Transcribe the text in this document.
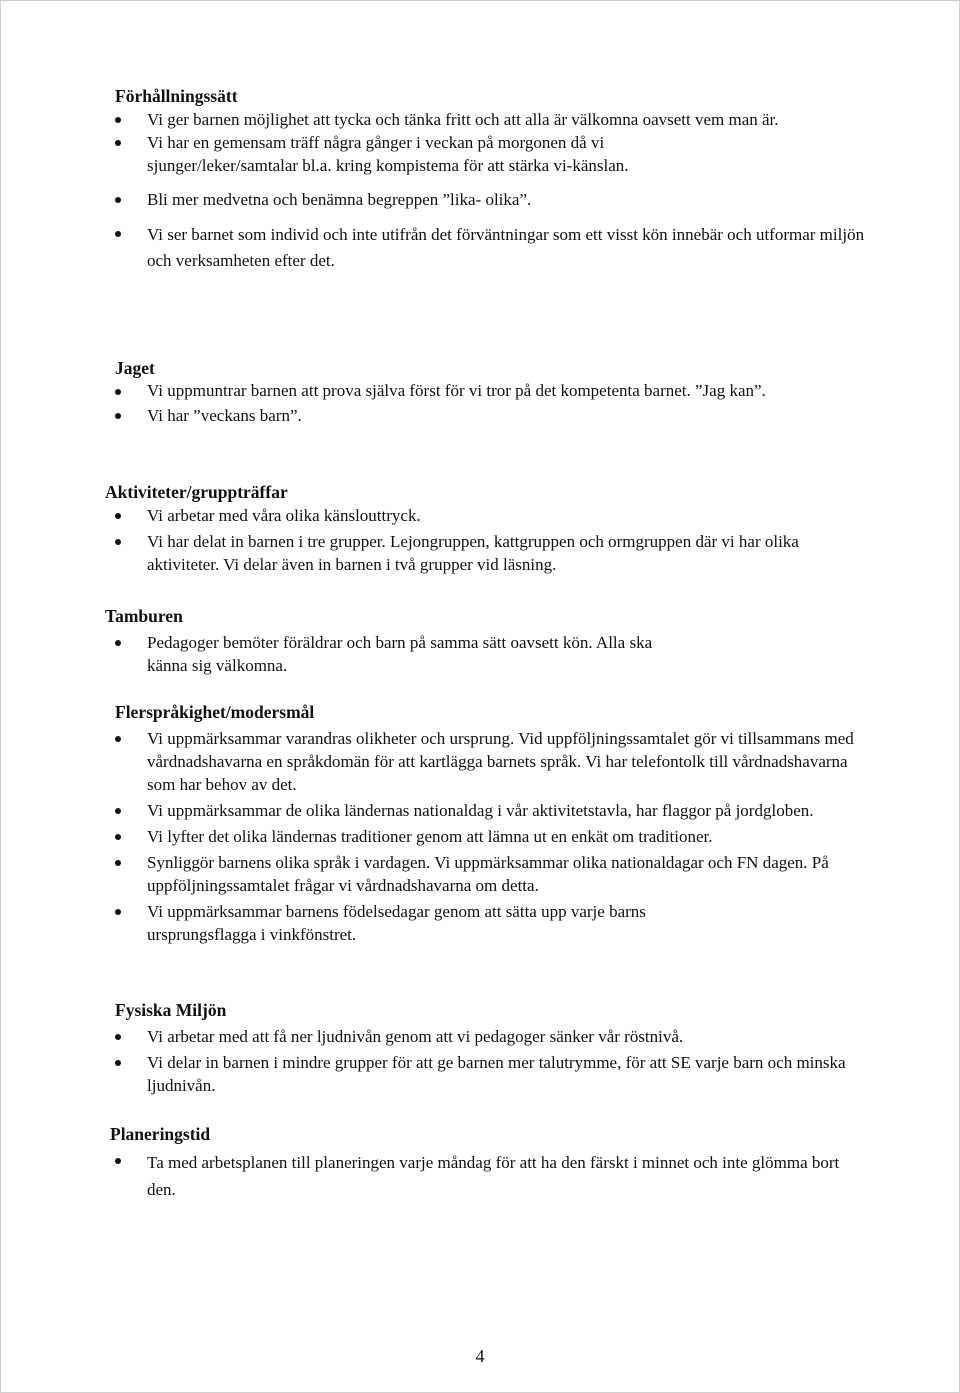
Förhållningssätt
Vi ger barnen möjlighet att tycka och tänka fritt och att alla är välkomna oavsett vem man är.
Vi har en gemensam träff några gånger i veckan på morgonen då vi sjunger/leker/samtalar bl.a. kring kompistema för att stärka vi-känslan.
Bli mer medvetna och benämna begreppen ”lika- olika”.
Vi ser barnet som individ och inte utifrån det förväntningar som ett visst kön innebär och utformar miljön och verksamheten efter det.
Jaget
Vi uppmuntrar barnen att prova själva först för vi tror på det kompetenta barnet. ”Jag kan”.
Vi har ”veckans barn”.
Aktiviteter/gruppträffar
Vi arbetar med våra olika känslouttryck.
Vi har delat in barnen i tre grupper. Lejongruppen, kattgruppen och ormgruppen där vi har olika aktiviteter. Vi delar även in barnen i två grupper vid läsning.
Tamburen
Pedagoger bemöter föräldrar och barn på samma sätt oavsett kön. Alla ska känna sig välkomna.
Flerspråkighet/modersmål
Vi uppmärksammar varandras olikheter och ursprung. Vid uppföljningssamtalet gör vi tillsammans med vårdnadshavarna en språkdomän för att kartlägga barnets språk. Vi har telefontolk till vårdnadshavarna som har behov av det.
Vi uppmärksammar de olika ländernas nationaldag i vår aktivitetstavla, har flaggor på jordgloben.
Vi lyfter det olika ländernas traditioner genom att lämna ut en enkät om traditioner.
Synliggör barnens olika språk i vardagen. Vi uppmärksammar olika nationaldagar och FN dagen. På uppföljningssamtalet frågar vi vårdnadshavarna om detta.
Vi uppmärksammar barnens födelsedagar genom att sätta upp varje barns ursprungsflagga i vinkfönstret.
Fysiska Miljön
Vi arbetar med att få ner ljudnivån genom att vi pedagoger sänker vår röstnivå.
Vi delar in barnen i mindre grupper för att ge barnen mer talutrymme, för att SE varje barn och minska ljudnivån.
Planeringstid
Ta med arbetsplanen till planeringen varje måndag för att ha den färskt i minnet och inte glömma bort den.
4
